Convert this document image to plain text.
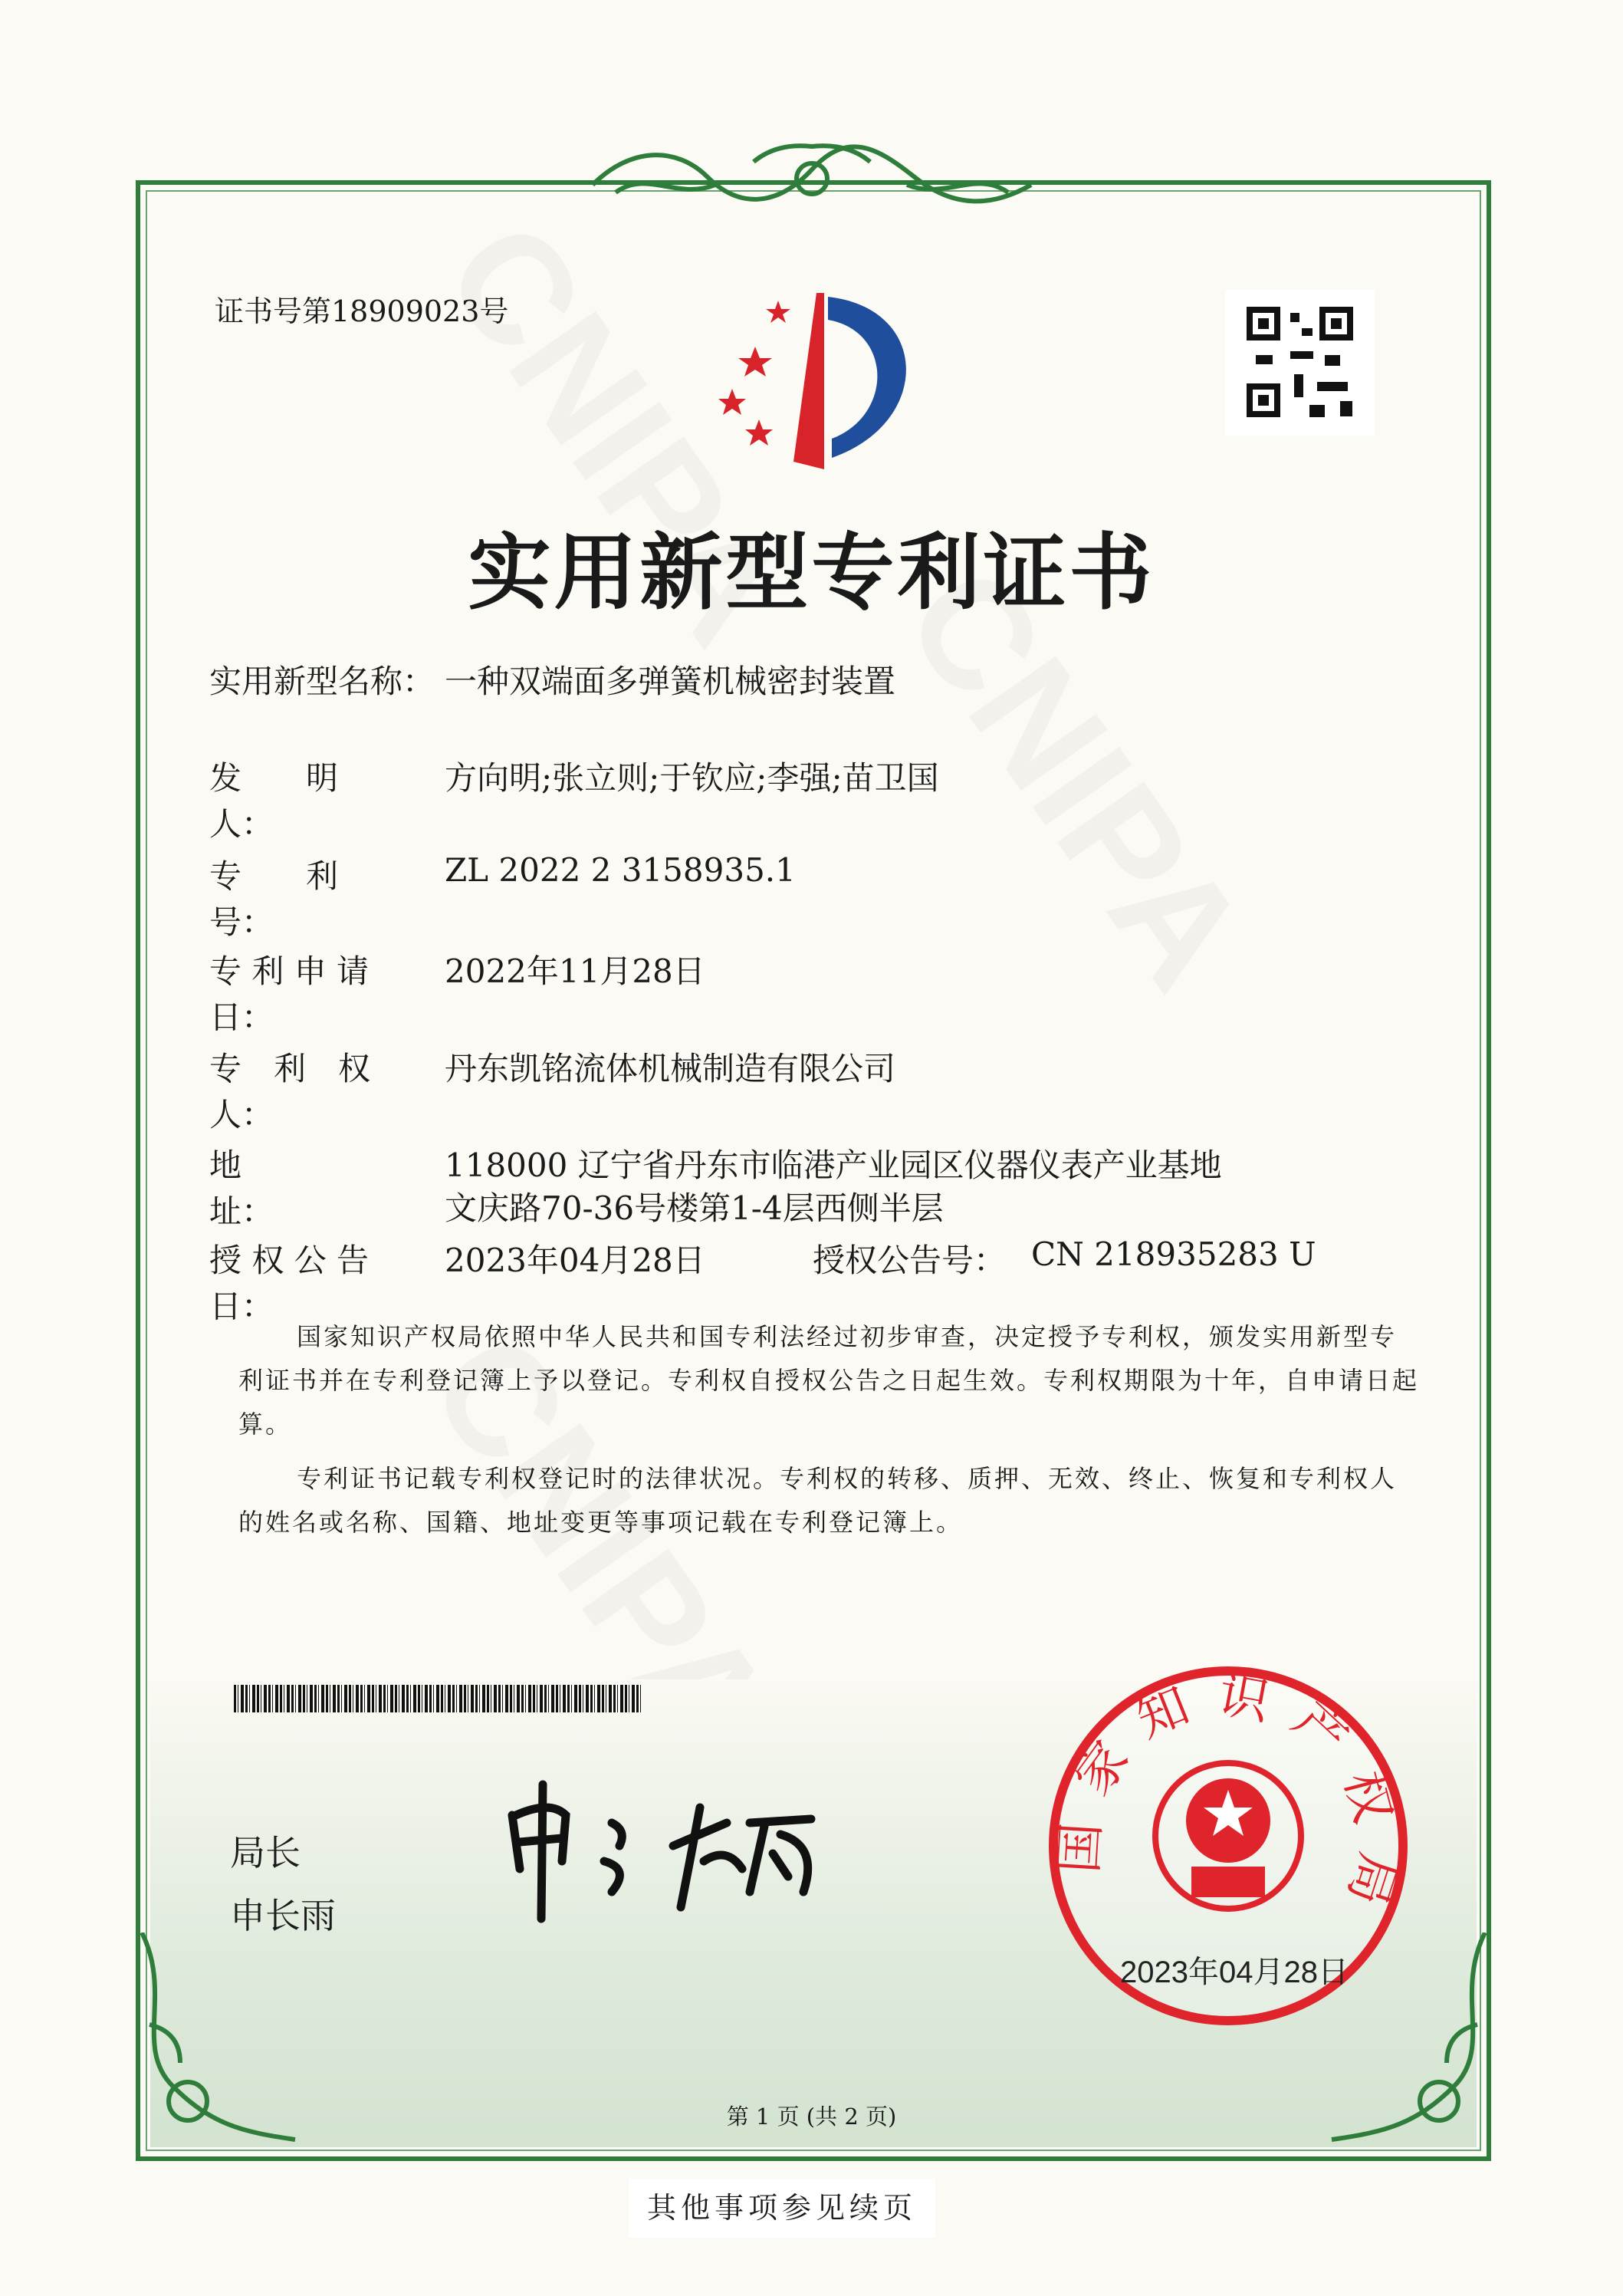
证书号第18909023号
实用新型专利证书
实用新型名称： 一种双端面多弹簧机械密封装置
发　　明　　人：
方向明;张立则;于钦应;李强;苗卫国
专　　利　　号：
ZL 2022 2 3158935.1
专 利 申 请 日：
2022年11月28日
专　利　权　人：
丹东凯铭流体机械制造有限公司
地　　　　　址：
118000 辽宁省丹东市临港产业园区仪器仪表产业基地
文庆路70-36号楼第1-4层西侧半层
授 权 公 告 日：
2023年04月28日	授权公告号： CN 218935283 U

国家知识产权局依照中华人民共和国专利法经过初步审查，决定授予专利权，颁发实用新型专利证书并在专利登记簿上予以登记。专利权自授权公告之日起生效。专利权期限为十年，自申请日起算。

专利证书记载专利权登记时的法律状况。专利权的转移、质押、无效、终止、恢复和专利权人的姓名或名称、国籍、地址变更等事项记载在专利登记簿上。

局长
申长雨
国家知识产权局
2023年04月28日
第 1 页 (共 2 页)
其他事项参见续页
